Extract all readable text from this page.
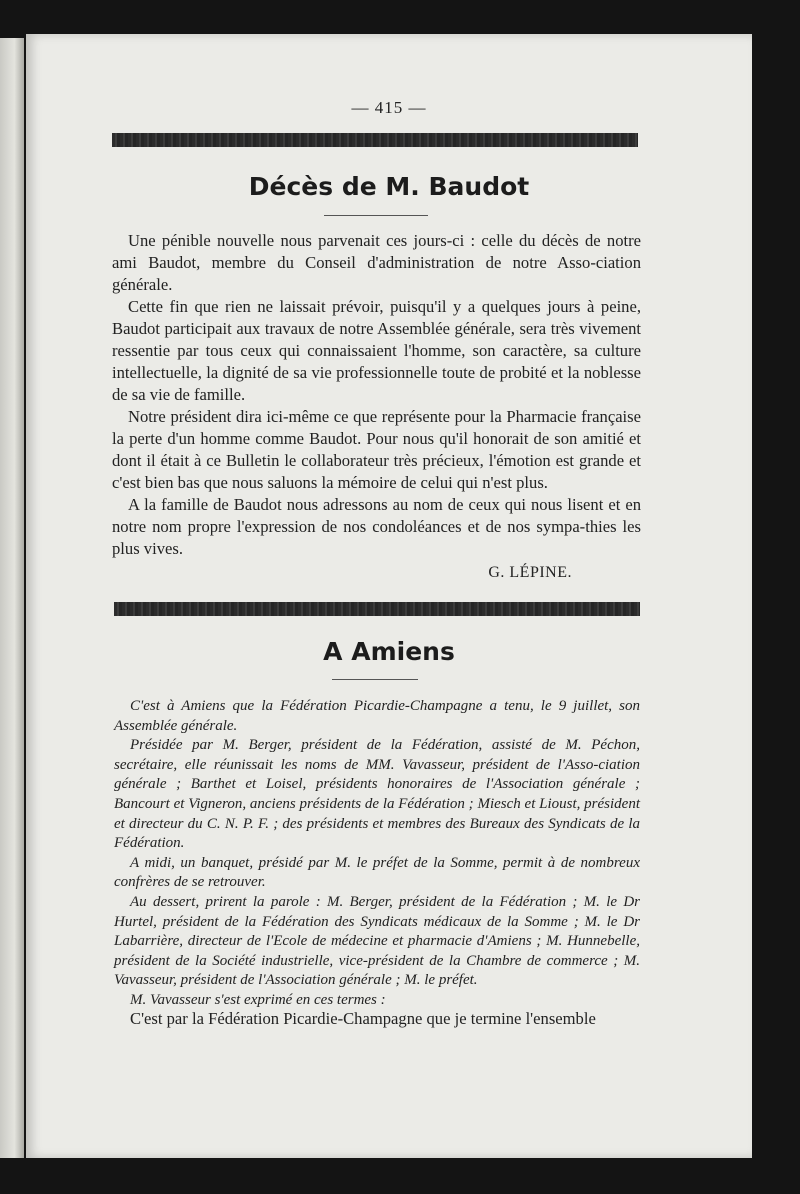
— 415 —
Décès de M. Baudot

Une pénible nouvelle nous parvenait ces jours-ci : celle du décès de notre ami Baudot, membre du Conseil d'administration de notre Asso-ciation générale.

Cette fin que rien ne laissait prévoir, puisqu'il y a quelques jours à peine, Baudot participait aux travaux de notre Assemblée générale, sera très vivement ressentie par tous ceux qui connaissaient l'homme, son caractère, sa culture intellectuelle, la dignité de sa vie professionnelle toute de probité et la noblesse de sa vie de famille.

Notre président dira ici-même ce que représente pour la Pharmacie française la perte d'un homme comme Baudot. Pour nous qu'il honorait de son amitié et dont il était à ce Bulletin le collaborateur très précieux, l'émotion est grande et c'est bien bas que nous saluons la mémoire de celui qui n'est plus.

A la famille de Baudot nous adressons au nom de ceux qui nous lisent et en notre nom propre l'expression de nos condoléances et de nos sympa-thies les plus vives.

G. LÉPINE.
A Amiens

C'est à Amiens que la Fédération Picardie-Champagne a tenu, le 9 juillet, son Assemblée générale.

Présidée par M. Berger, président de la Fédération, assisté de M. Péchon, secrétaire, elle réunissait les noms de MM. Vavasseur, président de l'Asso-ciation générale ; Barthet et Loisel, présidents honoraires de l'Association générale ; Bancourt et Vigneron, anciens présidents de la Fédération ; Miesch et Lioust, président et directeur du C. N. P. F. ; des présidents et membres des Bureaux des Syndicats de la Fédération.

A midi, un banquet, présidé par M. le préfet de la Somme, permit à de nombreux confrères de se retrouver.

Au dessert, prirent la parole : M. Berger, président de la Fédération ; M. le Dr Hurtel, président de la Fédération des Syndicats médicaux de la Somme ; M. le Dr Labarrière, directeur de l'Ecole de médecine et pharmacie d'Amiens ; M. Hunnebelle, président de la Société industrielle, vice-président de la Chambre de commerce ; M. Vavasseur, président de l'Association générale ; M. le préfet.

M. Vavasseur s'est exprimé en ces termes :

C'est par la Fédération Picardie-Champagne que je termine l'ensemble
